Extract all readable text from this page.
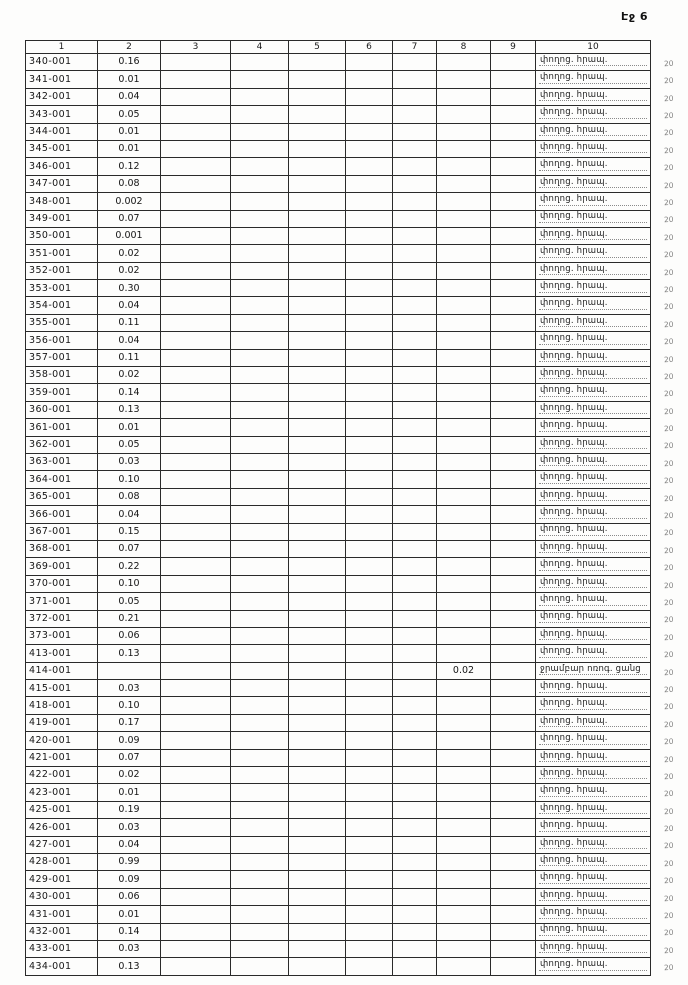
Էջ 6
1	2	3	4	5	6	7	8	9	10
340-001	0.16								փողոց. հրապ. 20

341-001	0.01								փողոց. հրապ. 20

342-001	0.04								փողոց. հրապ. 20

343-001	0.05								փողոց. հրապ. 20

344-001	0.01								փողոց. հրապ. 20

345-001	0.01								փողոց. հրապ. 20

346-001	0.12								փողոց. հրապ. 20

347-001	0.08								փողոց. հրապ. 20

348-001	0.002								փողոց. հրապ. 20

349-001	0.07								փողոց. հրապ. 20

350-001	0.001								փողոց. հրապ. 20

351-001	0.02								փողոց. հրապ. 20

352-001	0.02								փողոց. հրապ. 20

353-001	0.30								փողոց. հրապ. 20

354-001	0.04								փողոց. հրապ. 20

355-001	0.11								փողոց. հրապ. 20

356-001	0.04								փողոց. հրապ. 20

357-001	0.11								փողոց. հրապ. 20

358-001	0.02								փողոց. հրապ. 20

359-001	0.14								փողոց. հրապ. 20

360-001	0.13								փողոց. հրապ. 20

361-001	0.01								փողոց. հրապ. 20

362-001	0.05								փողոց. հրապ. 20

363-001	0.03								փողոց. հրապ. 20

364-001	0.10								փողոց. հրապ. 20

365-001	0.08								փողոց. հրապ. 20

366-001	0.04								փողոց. հրապ. 20

367-001	0.15								փողոց. հրապ. 20

368-001	0.07								փողոց. հրապ. 20

369-001	0.22								փողոց. հրապ. 20

370-001	0.10								փողոց. հրապ. 20

371-001	0.05								փողոց. հրապ. 20

372-001	0.21								փողոց. հրապ. 20

373-001	0.06								փողոց. հրապ. 20

413-001	0.13								փողոց. հրապ. 20

414-001							0.02		ջրամբար ոռոգ. ցանց 20

415-001	0.03								փողոց. հրապ. 20

418-001	0.10								փողոց. հրապ. 20

419-001	0.17								փողոց. հրապ. 20

420-001	0.09								փողոց. հրապ. 20

421-001	0.07								փողոց. հրապ. 20

422-001	0.02								փողոց. հրապ. 20

423-001	0.01								փողոց. հրապ. 20

425-001	0.19								փողոց. հրապ. 20

426-001	0.03								փողոց. հրապ. 20

427-001	0.04								փողոց. հրապ. 20

428-001	0.99								փողոց. հրապ. 20

429-001	0.09								փողոց. հրապ. 20

430-001	0.06								փողոց. հրապ. 20

431-001	0.01								փողոց. հրապ. 20

432-001	0.14								փողոց. հրապ. 20

433-001	0.03								փողոց. հրապ. 20

434-001	0.13								փողոց. հրապ. 20
